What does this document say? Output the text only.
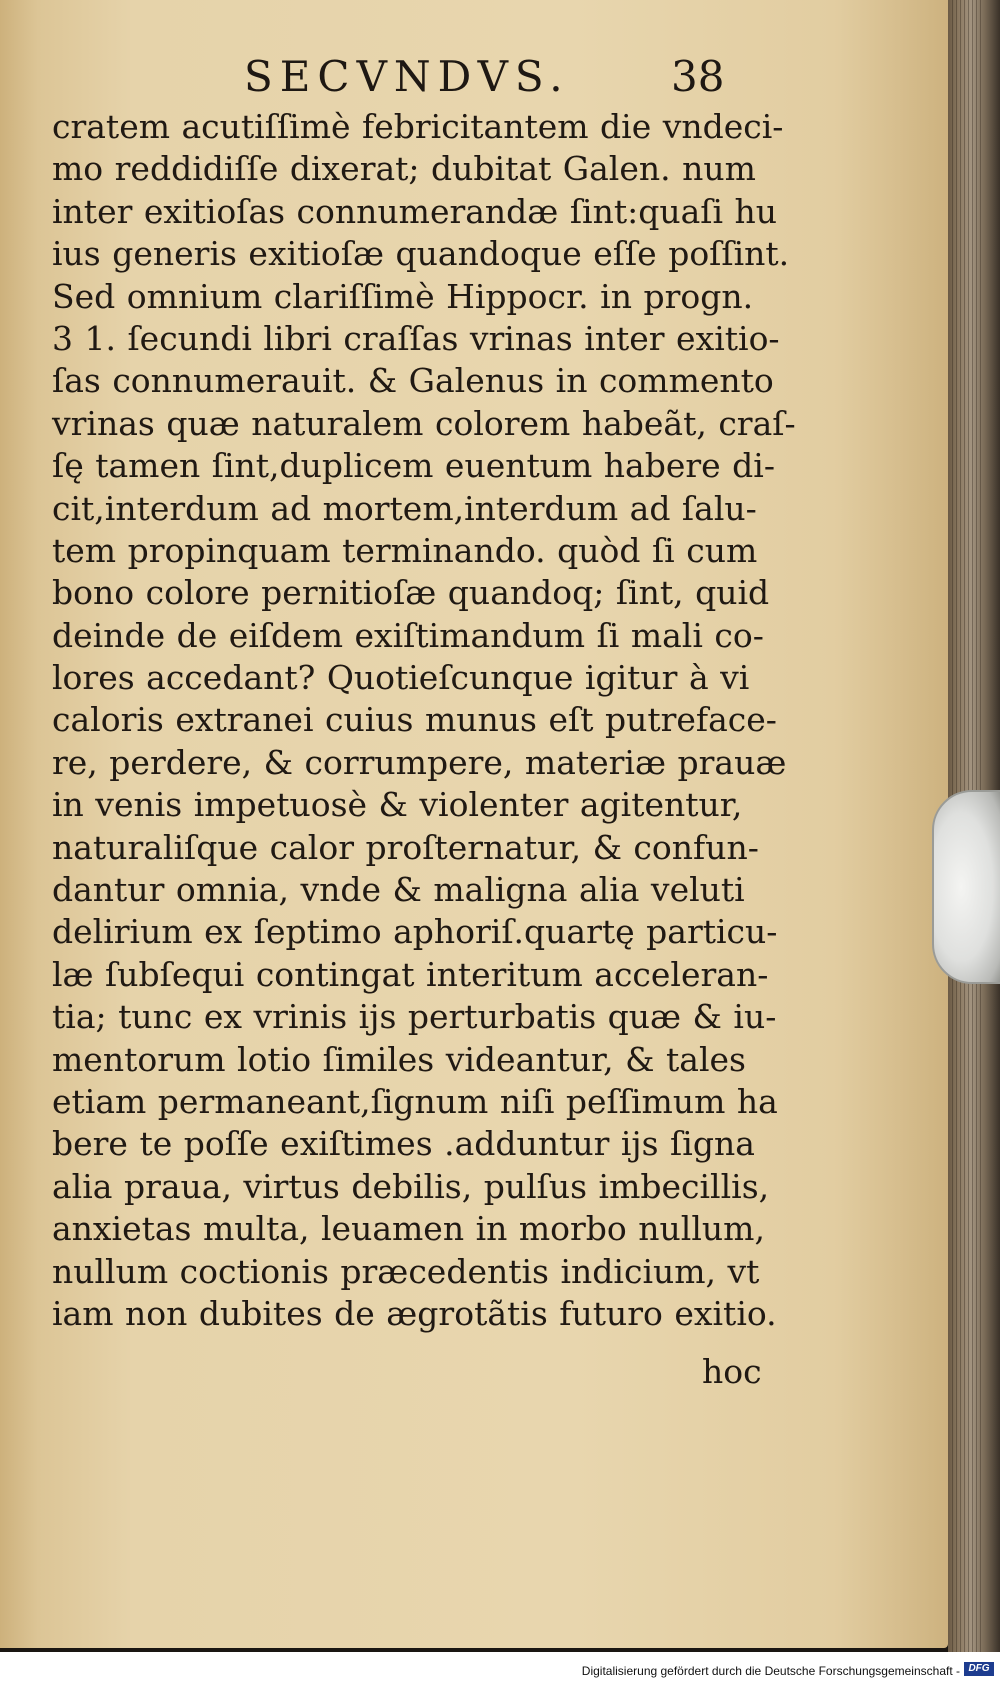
SECVNDVS. 38
cratem acutiſſimè febricitantem die vndeci-
mo reddidiſſe dixerat; dubitat Galen. num
inter exitioſas connumerandæ ſint:quaſi hu
ius generis exitioſæ quandoque eſſe poſſint.
Sed omnium clariſſimè Hippocr. in progn.
3 1. ſecundi libri craſſas vrinas inter exitio-
ſas connumerauit. & Galenus in commento
vrinas quæ naturalem colorem habeãt, craſ-
ſę tamen ſint,duplicem euentum habere di-
cit,interdum ad mortem,interdum ad ſalu-
tem propinquam terminando. quòd ſi cum
bono colore pernitioſæ quandoq; ſint, quid
deinde de eiſdem exiſtimandum ſi mali co-
lores accedant? Quotieſcunque igitur à vi
caloris extranei cuius munus eſt putreface-
re, perdere, & corrumpere, materiæ prauæ
in venis impetuosè & violenter agitentur,
naturaliſque calor proſternatur, & confun-
dantur omnia, vnde & maligna alia veluti
delirium ex ſeptimo aphoriſ.quartę particu-
læ ſubſequi contingat interitum acceleran-
tia; tunc ex vrinis ijs perturbatis quæ & iu-
mentorum lotio ſimiles videantur, & tales
etiam permaneant,ſignum niſi peſſimum ha
bere te poſſe exiſtimes .adduntur ijs ſigna
alia praua, virtus debilis, pulſus imbecillis,
anxietas multa, leuamen in morbo nullum,
nullum coctionis præcedentis indicium, vt
iam non dubites de ægrotãtis futuro exitio.
hoc
Digitalisierung gefördert durch die Deutsche Forschungsgemeinschaft - DFG
